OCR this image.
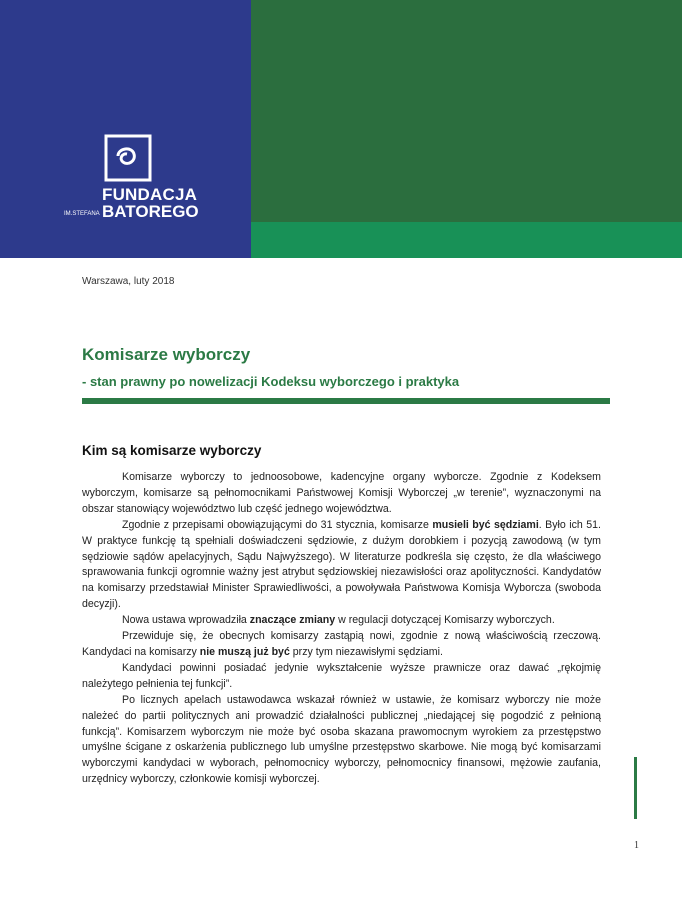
FUNDACJA
IM.STEFANA BATOREGO
Warszawa, luty 2018
Komisarze wyborczy
- stan prawny po nowelizacji Kodeksu wyborczego i praktyka
Kim są komisarze wyborczy

Komisarze wyborczy to jednoosobowe, kadencyjne organy wyborcze. Zgodnie z Kodeksem wyborczym, komisarze są pełnomocnikami Państwowej Komisji Wyborczej „w terenie”, wyznaczonymi na obszar stanowiący województwo lub część jednego województwa.

Zgodnie z przepisami obowiązującymi do 31 stycznia, komisarze musieli być sędziami. Było ich 51. W praktyce funkcję tą spełniali doświadczeni sędziowie, z dużym dorobkiem i pozycją zawodową (w tym sędziowie sądów apelacyjnych, Sądu Najwyższego). W literaturze podkreśla się często, że dla właściwego sprawowania funkcji ogromnie ważny jest atrybut sędziowskiej niezawisłości oraz apolityczności. Kandydatów na komisarzy przedstawiał Minister Sprawiedliwości, a powoływała Państwowa Komisja Wyborcza (swoboda decyzji).

Nowa ustawa wprowadziła znaczące zmiany w regulacji dotyczącej Komisarzy wyborczych.

Przewiduje się, że obecnych komisarzy zastąpią nowi, zgodnie z nową właściwością rzeczową. Kandydaci na komisarzy nie muszą już być przy tym niezawisłymi sędziami.

Kandydaci powinni posiadać jedynie wykształcenie wyższe prawnicze oraz dawać „rękojmię należytego pełnienia tej funkcji”.

Po licznych apelach ustawodawca wskazał również w ustawie, że komisarz wyborczy nie może należeć do partii politycznych ani prowadzić działalności publicznej „niedającej się pogodzić z pełnioną funkcją”. Komisarzem wyborczym nie może być osoba skazana prawomocnym wyrokiem za przestępstwo umyślne ścigane z oskarżenia publicznego lub umyślne przestępstwo skarbowe. Nie mogą być komisarzami wyborczymi kandydaci w wyborach, pełnomocnicy wyborczy, pełnomocnicy finansowi, mężowie zaufania, urzędnicy wyborczy, członkowie komisji wyborczej.

1
